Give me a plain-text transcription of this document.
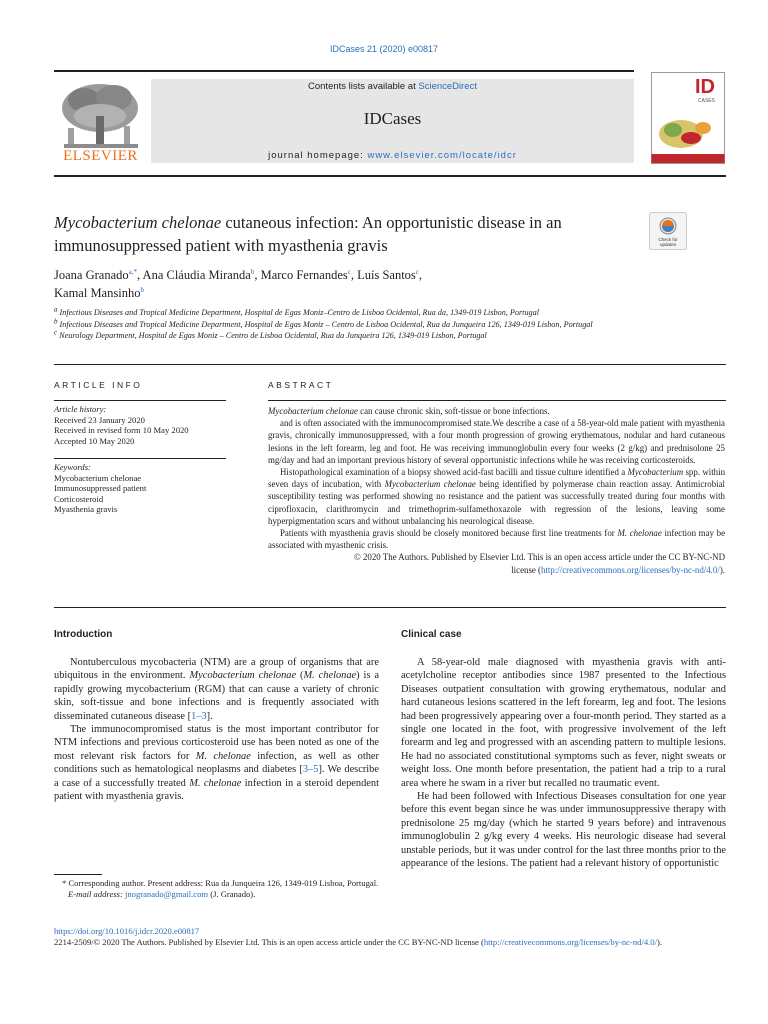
IDCases 21 (2020) e00817
ELSEVIER
Contents lists available at ScienceDirect
IDCases
journal homepage: www.elsevier.com/locate/idcr
ID
CASES
Mycobacterium chelonae cutaneous infection: An opportunistic disease in an immunosuppressed patient with myasthenia gravis	Check for updates
Joana Granado$^{a,*}$, Ana Cláudia Miranda$^b$, Marco Fernandes$^c$, Luís Santos$^c$,
Kamal Mansinho$^b$
$^a$ Infectious Diseases and Tropical Medicine Department, Hospital de Egas Moniz–Centro de Lisboa Ocidental, Rua da, 1349-019 Lisbon, Portugal
$^b$ Infectious Diseases and Tropical Medicine Department, Hospital de Egas Moniz – Centro de Lisboa Ocidental, Rua da Junqueira 126, 1349-019 Lisbon, Portugal
$^c$ Neurology Department, Hospital de Egas Moniz – Centro de Lisboa Ocidental, Rua da Junqueira 126, 1349-019 Lisbon, Portugal
ARTICLE INFO
Article history:
Received 23 January 2020
Received in revised form 10 May 2020
Accepted 10 May 2020
Keywords:
Mycobacterium chelonae
Immunosuppressed patient
Corticosteroid
Myasthenia gravis
ABSTRACT

Mycobacterium chelonae can cause chronic skin, soft-tissue or bone infections.

and is often associated with the immunocompromised state.We describe a case of a 58-year-old male patient with myasthenia gravis, chronically immunosuppressed, with a four month progression of growing erythematous, nodular and hard cutaneous lesions in the left forearm, leg and foot. He was receiving immunoglobulin every four weeks (2 g/kg) and prednisolone 25 mg/day and had an important previous history of several opportunistic infections while he was receiving corticosteroids.

Histopathological examination of a biopsy showed acid-fast bacilli and tissue culture identified a Mycobacterium spp. within seven days of incubation, with Mycobacterium chelonae being identified by polymerase chain reaction assay. Antimicrobial susceptibility testing was performed showing no resistance and the patient was successfully treated during four months with ciprofloxacin, clarithromycin and trimethoprim-sulfamethoxazole with regression of the lesions, leaving some hyperpigmentation scars and without unbalancing his neurological disease.

Patients with myasthenia gravis should be closely monitored because first line treatments for M. chelonae infection may be associated with myasthenic crisis.

© 2020 The Authors. Published by Elsevier Ltd. This is an open access article under the CC BY-NC-ND
license (http://creativecommons.org/licenses/by-nc-nd/4.0/).

Introduction

Nontuberculous mycobacteria (NTM) are a group of organisms that are ubiquitous in the environment. Mycobacterium chelonae (M. chelonae) is a rapidly growing mycobacterium (RGM) that can cause a variety of chronic skin, soft-tissue and bone infections and is frequently associated with disseminated cutaneous disease [1–3].

The immunocompromised status is the most important contributor for NTM infections and previous corticosteroid use has been noted as one of the most relevant risk factors for M. chelonae infection, as well as other conditions such as hematological neoplasms and diabetes [3–5]. We describe a case of a successfully treated M. chelonae infection in a steroid dependent patient with myasthenia gravis.

Clinical case

A 58-year-old male diagnosed with myasthenia gravis with anti-acetylcholine receptor antibodies since 1987 presented to the Infectious Diseases outpatient consultation with growing erythematous, nodular and hard cutaneous lesions scattered in the left forearm, leg and foot. The lesions had been progressively appearing over a four-month period. They started as a single one located in the foot, with progressive involvement of the left forearm and leg and progressed with an ascending pattern to multiple lesions. He had no associated constitutional symptoms such as fever, night sweats or weight loss. One month before presentation, the patient had a trip to a rural area where he swam in a river but recalled no traumatic event.

He had been followed with Infectious Diseases consultation for one year before this event began since he was under immunosuppressive therapy with prednisolone 25 mg/day (which he started 9 years before) and intravenous immunoglobulin 2 g/kg every 4 weeks. His neurologic disease had several unstable periods, but it was under control for the last three months prior to the appearance of the lesions. The patient had a relevant history of opportunistic

* Corresponding author. Present address: Rua da Junqueira 126, 1349-019 Lisboa, Portugal.
E-mail address: jnogranado@gmail.com (J. Granado).
https://doi.org/10.1016/j.idcr.2020.e00817
2214-2509/© 2020 The Authors. Published by Elsevier Ltd. This is an open access article under the CC BY-NC-ND license (http://creativecommons.org/licenses/by-nc-nd/4.0/).
